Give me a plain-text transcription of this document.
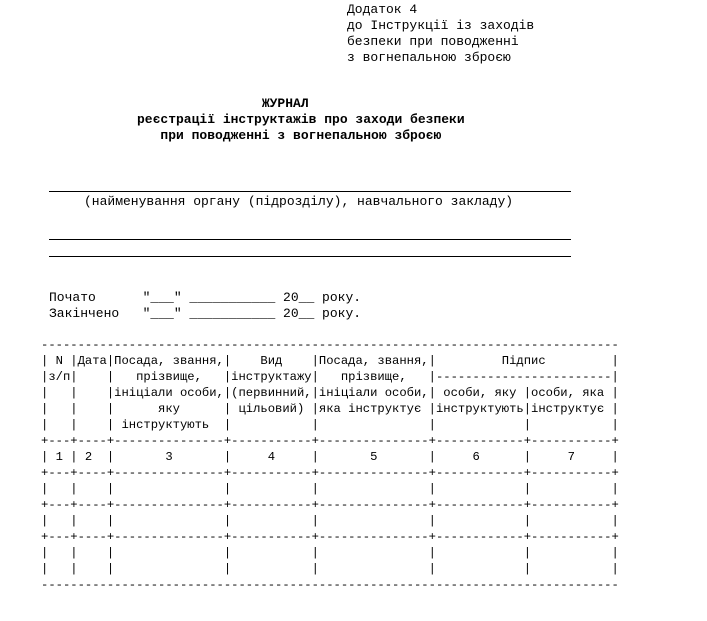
Додаток 4
до Інструкції із заходів
безпеки при поводженні
з вогнепальною зброєю
ЖУРНАЛ
реєстрації інструктажів про заходи безпеки
при поводженні з вогнепальною зброєю
(найменування органу (підрозділу), навчального закладу)
Почато	"___" ___________ 20__ року.
Закінчено "___" ___________ 20__ року.
-------------------------------------------------------------------------------
| N |Дата|Посада, звання,|    Вид    |Посада, звання,|         Підпис         |
|з/п|    |   прізвище,   |інструктажу|   прізвище,   |------------------------|
|   |    |ініціали особи,|(первинний,|ініціали особи,| особи, яку |особи, яка |
|   |    |      яку      | цільовий) |яка інструктує |інструктують|інструктує |
|   |    | інструктують  |           |               |            |           |
+---+----+---------------+-----------+---------------+------------+-----------+
| 1 | 2  |       3       |     4     |       5       |     6      |     7     |
+---+----+---------------+-----------+---------------+------------+-----------+
|   |    |               |           |               |            |           |
+---+----+---------------+-----------+---------------+------------+-----------+
|   |    |               |           |               |            |           |
+---+----+---------------+-----------+---------------+------------+-----------+
|   |    |               |           |               |            |           |
|   |    |               |           |               |            |           |
-------------------------------------------------------------------------------
